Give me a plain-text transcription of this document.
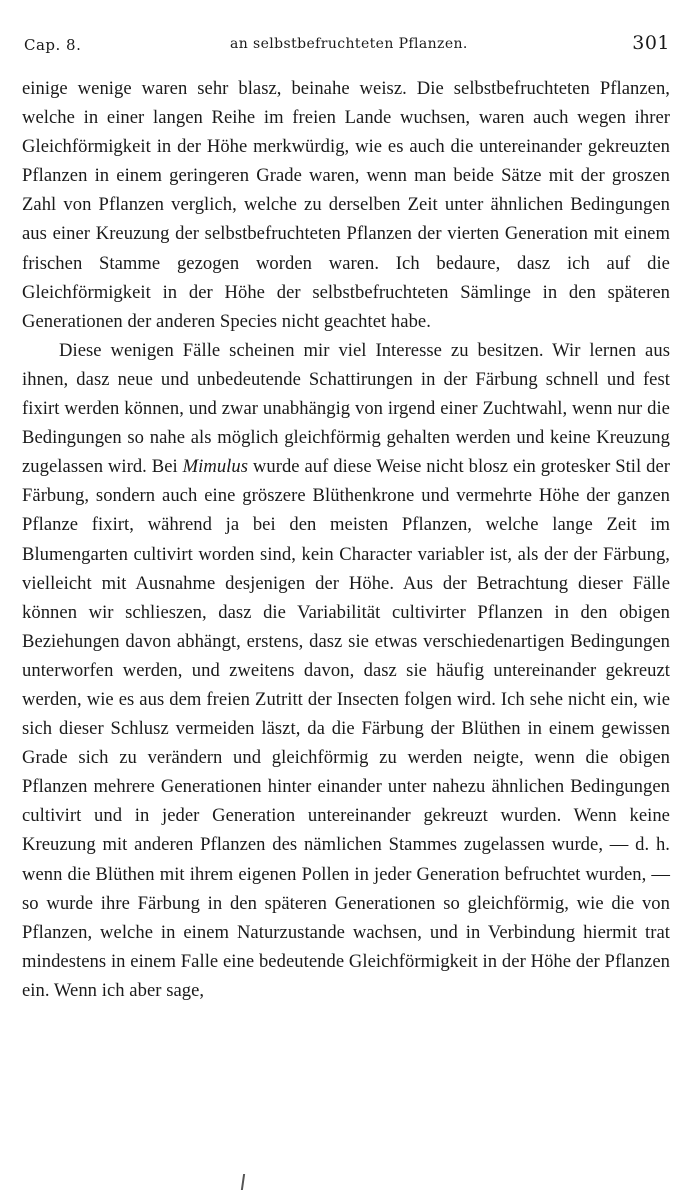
Cap. 8.	an selbstbefruchteten Pflanzen.	301

einige wenige waren sehr blasz, beinahe weisz. Die selbstbefruchteten Pflanzen, welche in einer langen Reihe im freien Lande wuchsen, waren auch wegen ihrer Gleichförmigkeit in der Höhe merkwürdig, wie es auch die untereinander gekreuzten Pflanzen in einem geringeren Grade waren, wenn man beide Sätze mit der groszen Zahl von Pflanzen verglich, welche zu derselben Zeit unter ähnlichen Bedingungen aus einer Kreuzung der selbstbefruchteten Pflanzen der vierten Generation mit einem frischen Stamme gezogen worden waren. Ich bedaure, dasz ich auf die Gleichförmigkeit in der Höhe der selbstbefruchteten Sämlinge in den späteren Generationen der anderen Species nicht geachtet habe.

Diese wenigen Fälle scheinen mir viel Interesse zu besitzen. Wir lernen aus ihnen, dasz neue und unbedeutende Schattirungen in der Färbung schnell und fest fixirt werden können, und zwar unabhängig von irgend einer Zuchtwahl, wenn nur die Bedingungen so nahe als möglich gleichförmig gehalten werden und keine Kreuzung zugelassen wird. Bei Mimulus wurde auf diese Weise nicht blosz ein grotesker Stil der Färbung, sondern auch eine gröszere Blüthenkrone und vermehrte Höhe der ganzen Pflanze fixirt, während ja bei den meisten Pflanzen, welche lange Zeit im Blumengarten cultivirt worden sind, kein Character variabler ist, als der der Färbung, vielleicht mit Ausnahme desjenigen der Höhe. Aus der Betrachtung dieser Fälle können wir schlieszen, dasz die Variabilität cultivirter Pflanzen in den obigen Beziehungen davon abhängt, erstens, dasz sie etwas verschiedenartigen Bedingungen unterworfen werden, und zweitens davon, dasz sie häufig untereinander gekreuzt werden, wie es aus dem freien Zutritt der Insecten folgen wird. Ich sehe nicht ein, wie sich dieser Schlusz vermeiden läszt, da die Färbung der Blüthen in einem gewissen Grade sich zu verändern und gleichförmig zu werden neigte, wenn die obigen Pflanzen mehrere Generationen hinter einander unter nahezu ähnlichen Bedingungen cultivirt und in jeder Generation untereinander gekreuzt wurden. Wenn keine Kreuzung mit anderen Pflanzen des nämlichen Stammes zugelassen wurde, — d. h. wenn die Blüthen mit ihrem eigenen Pollen in jeder Generation befruchtet wurden, — so wurde ihre Färbung in den späteren Generationen so gleichförmig, wie die von Pflanzen, welche in einem Naturzustande wachsen, und in Verbindung hiermit trat mindestens in einem Falle eine bedeutende Gleichförmigkeit in der Höhe der Pflanzen ein. Wenn ich aber sage,
